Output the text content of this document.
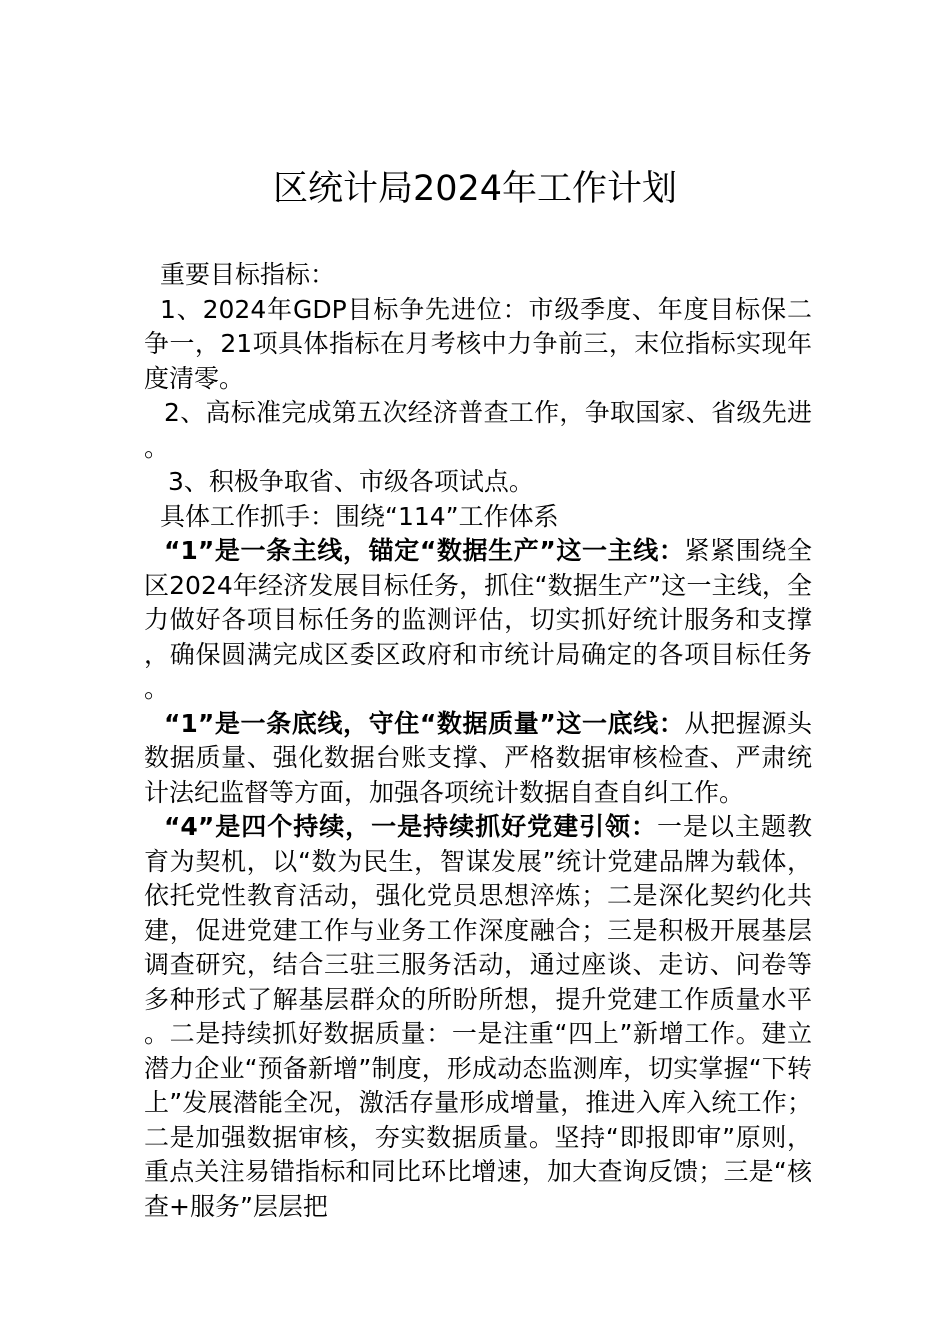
区统计局2024年工作计划

重要目标指标：

1、2024年GDP目标争先进位：市级季度、年度目标保二争一，21项具体指标在月考核中力争前三，末位指标实现年度清零。

2、高标准完成第五次经济普查工作，争取国家、省级先进。

3、积极争取省、市级各项试点。

具体工作抓手：围绕“114”工作体系

“1”是一条主线，锚定“数据生产”这一主线：紧紧围绕全区2024年经济发展目标任务，抓住“数据生产”这一主线，全力做好各项目标任务的监测评估，切实抓好统计服务和支撑，确保圆满完成区委区政府和市统计局确定的各项目标任务。

“1”是一条底线，守住“数据质量”这一底线：从把握源头数据质量、强化数据台账支撑、严格数据审核检查、严肃统计法纪监督等方面，加强各项统计数据自查自纠工作。

“4”是四个持续，一是持续抓好党建引领：一是以主题教育为契机，以“数为民生，智谋发展”统计党建品牌为载体，依托党性教育活动，强化党员思想淬炼；二是深化契约化共建，促进党建工作与业务工作深度融合；三是积极开展基层调查研究，结合三驻三服务活动，通过座谈、走访、问卷等多种形式了解基层群众的所盼所想，提升党建工作质量水平。二是持续抓好数据质量：一是注重“四上”新增工作。建立潜力企业“预备新增”制度，形成动态监测库，切实掌握“下转上”发展潜能全况，激活存量形成增量，推进入库入统工作；二是加强数据审核，夯实数据质量。坚持“即报即审”原则，重点关注易错指标和同比环比增速，加大查询反馈；三是“核查+服务”层层把
